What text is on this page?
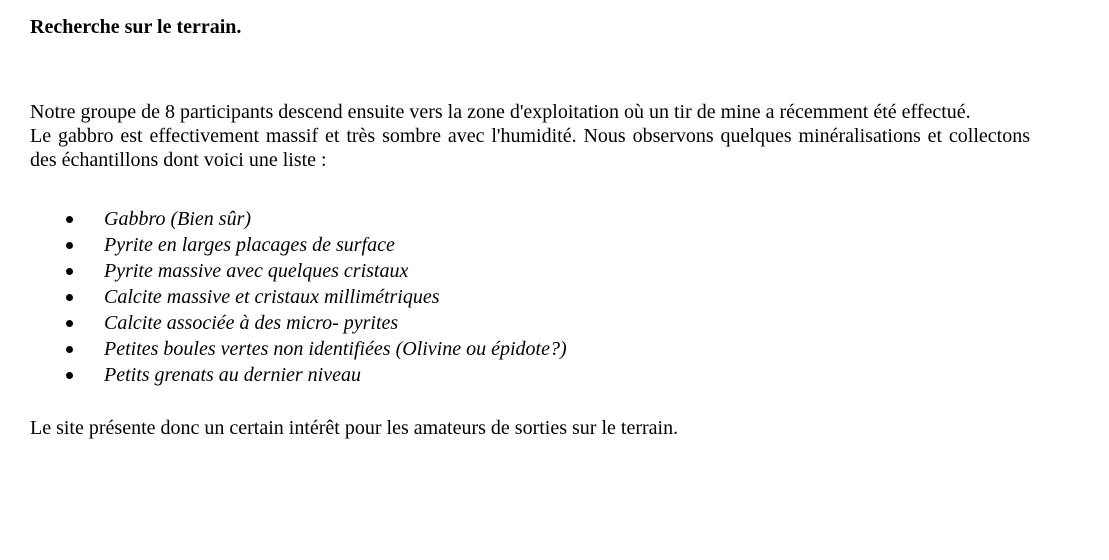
Recherche sur le terrain.

Notre groupe de 8 participants descend ensuite vers la zone d'exploitation où un tir de mine a récemment été effectué.

Le gabbro est effectivement massif et très sombre avec l'humidité. Nous observons quelques minéralisations et collectons des échantillons dont voici une liste :

Gabbro (Bien sûr)
Pyrite en larges placages de surface
Pyrite massive avec quelques cristaux
Calcite massive et cristaux millimétriques
Calcite associée à des micro- pyrites
Petites boules vertes non identifiées (Olivine ou épidote?)
Petits grenats au dernier niveau

Le site présente donc un certain intérêt pour les amateurs de sorties sur le terrain.
